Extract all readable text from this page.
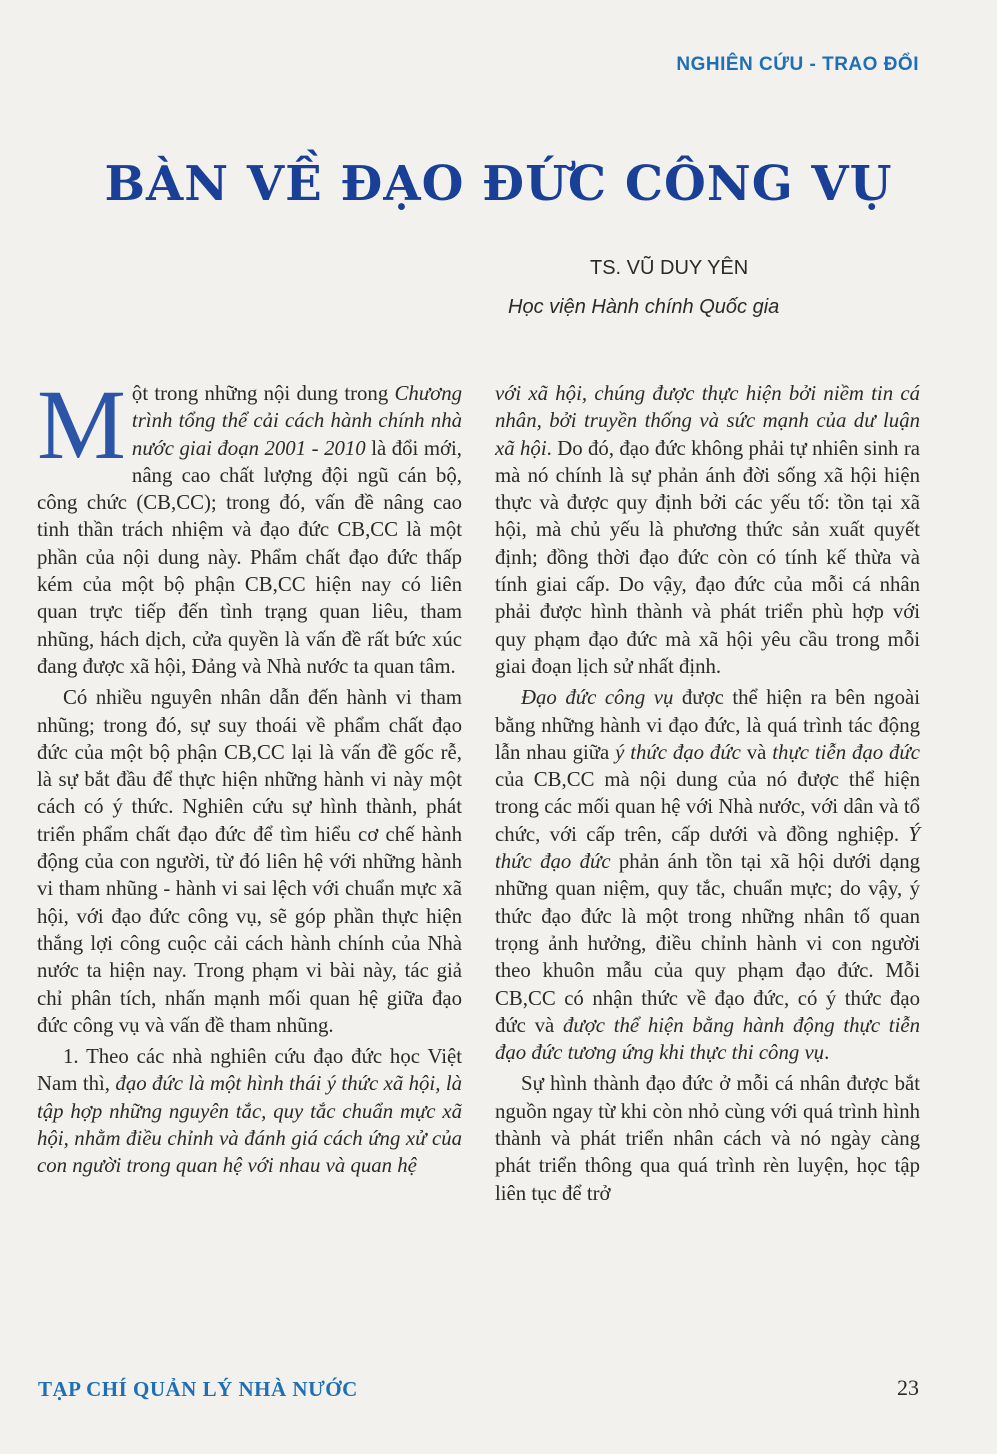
NGHIÊN CỨU - TRAO ĐỔI
BÀN VỀ ĐẠO ĐỨC CÔNG VỤ
TS. VŨ DUY YÊN
Học viện Hành chính Quốc gia

Một trong những nội dung trong Chương trình tổng thể cải cách hành chính nhà nước giai đoạn 2001 - 2010 là đổi mới, nâng cao chất lượng đội ngũ cán bộ, công chức (CB,CC); trong đó, vấn đề nâng cao tinh thần trách nhiệm và đạo đức CB,CC là một phần của nội dung này. Phẩm chất đạo đức thấp kém của một bộ phận CB,CC hiện nay có liên quan trực tiếp đến tình trạng quan liêu, tham nhũng, hách dịch, cửa quyền là vấn đề rất bức xúc đang được xã hội, Đảng và Nhà nước ta quan tâm.

Có nhiều nguyên nhân dẫn đến hành vi tham nhũng; trong đó, sự suy thoái về phẩm chất đạo đức của một bộ phận CB,CC lại là vấn đề gốc rễ, là sự bắt đầu để thực hiện những hành vi này một cách có ý thức. Nghiên cứu sự hình thành, phát triển phẩm chất đạo đức để tìm hiểu cơ chế hành động của con người, từ đó liên hệ với những hành vi tham nhũng - hành vi sai lệch với chuẩn mực xã hội, với đạo đức công vụ, sẽ góp phần thực hiện thắng lợi công cuộc cải cách hành chính của Nhà nước ta hiện nay. Trong phạm vi bài này, tác giả chỉ phân tích, nhấn mạnh mối quan hệ giữa đạo đức công vụ và vấn đề tham nhũng.

1. Theo các nhà nghiên cứu đạo đức học Việt Nam thì, đạo đức là một hình thái ý thức xã hội, là tập hợp những nguyên tắc, quy tắc chuẩn mực xã hội, nhằm điều chỉnh và đánh giá cách ứng xử của con người trong quan hệ với nhau và quan hệ

với xã hội, chúng được thực hiện bởi niềm tin cá nhân, bởi truyền thống và sức mạnh của dư luận xã hội. Do đó, đạo đức không phải tự nhiên sinh ra mà nó chính là sự phản ánh đời sống xã hội hiện thực và được quy định bởi các yếu tố: tồn tại xã hội, mà chủ yếu là phương thức sản xuất quyết định; đồng thời đạo đức còn có tính kế thừa và tính giai cấp. Do vậy, đạo đức của mỗi cá nhân phải được hình thành và phát triển phù hợp với quy phạm đạo đức mà xã hội yêu cầu trong mỗi giai đoạn lịch sử nhất định.

Đạo đức công vụ được thể hiện ra bên ngoài bằng những hành vi đạo đức, là quá trình tác động lẫn nhau giữa ý thức đạo đức và thực tiễn đạo đức của CB,CC mà nội dung của nó được thể hiện trong các mối quan hệ với Nhà nước, với dân và tổ chức, với cấp trên, cấp dưới và đồng nghiệp. Ý thức đạo đức phản ánh tồn tại xã hội dưới dạng những quan niệm, quy tắc, chuẩn mực; do vậy, ý thức đạo đức là một trong những nhân tố quan trọng ảnh hưởng, điều chỉnh hành vi con người theo khuôn mẫu của quy phạm đạo đức. Mỗi CB,CC có nhận thức về đạo đức, có ý thức đạo đức và được thể hiện bằng hành động thực tiễn đạo đức tương ứng khi thực thi công vụ.

Sự hình thành đạo đức ở mỗi cá nhân được bắt nguồn ngay từ khi còn nhỏ cùng với quá trình hình thành và phát triển nhân cách và nó ngày càng phát triển thông qua quá trình rèn luyện, học tập liên tục để trở

TẠP CHÍ QUẢN LÝ NHÀ NƯỚC	23
